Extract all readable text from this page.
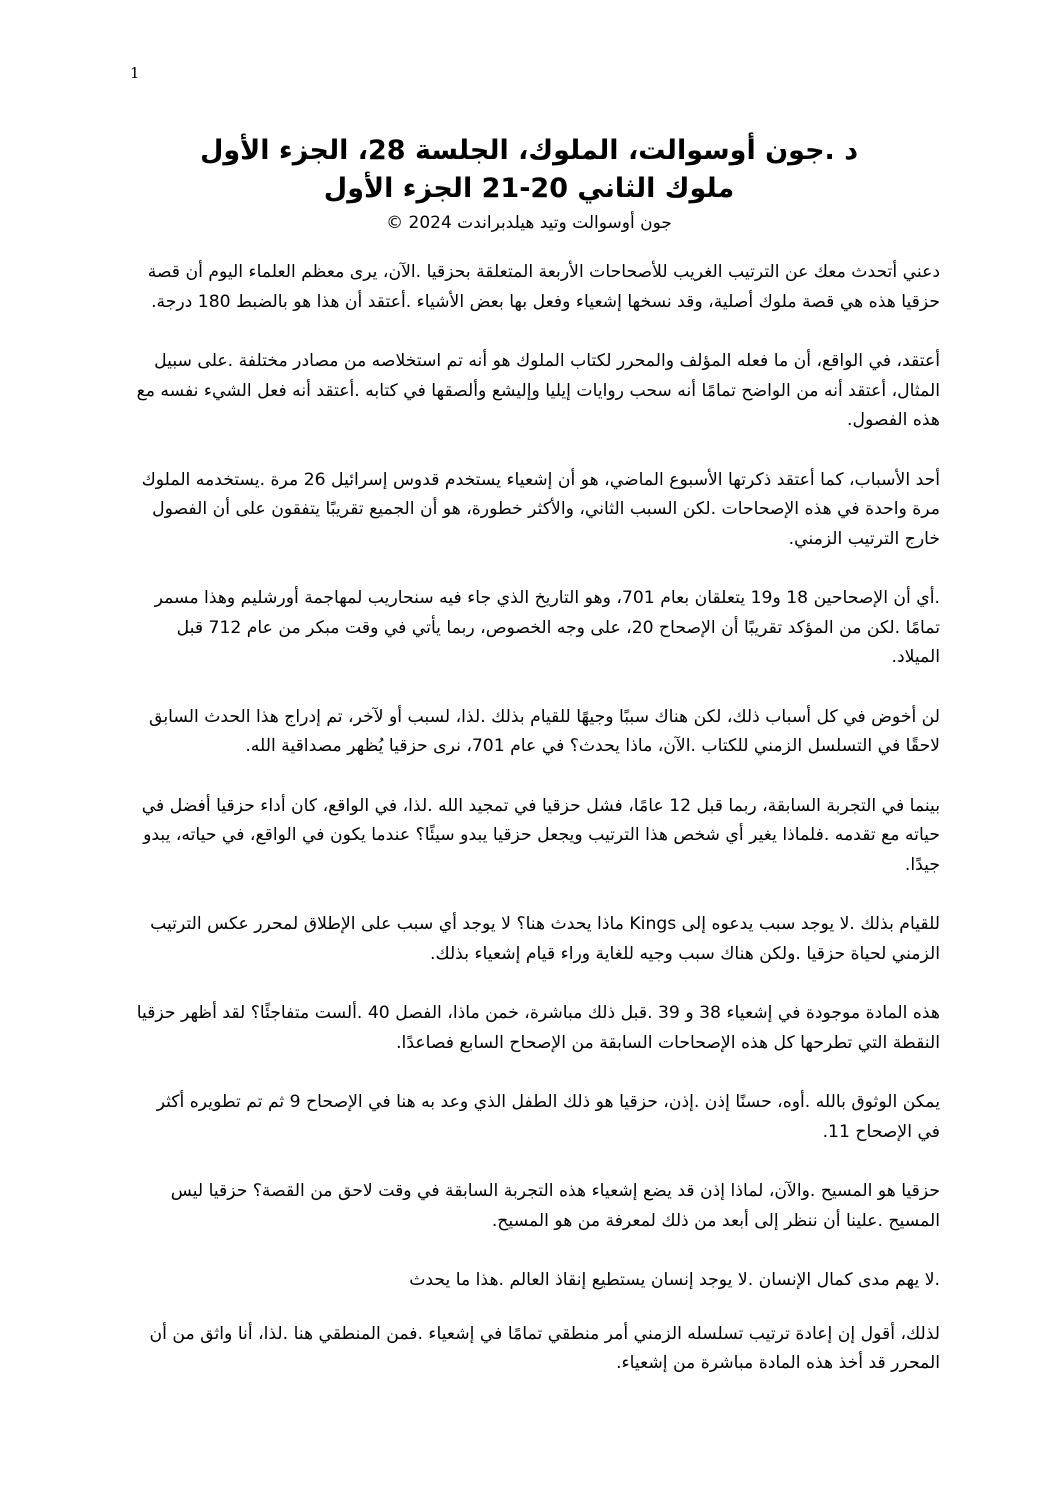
1

د .جون أوسوالت، الملوك، الجلسة 28، الجزء الأول

ملوك الثاني 20-21 الجزء الأول

جون أوسوالت وتيد هيلدبراندت 2024 ©

دعني أتحدث معك عن الترتيب الغريب للأصحاحات الأربعة المتعلقة بحزقيا .الآن، يرى معظم العلماء اليوم أن قصة حزقيا هذه هي قصة ملوك أصلية، وقد نسخها إشعياء وفعل بها بعض الأشياء .أعتقد أن هذا هو بالضبط 180 درجة.

أعتقد، في الواقع، أن ما فعله المؤلف والمحرر لكتاب الملوك هو أنه تم استخلاصه من مصادر مختلفة .على سبيل المثال، أعتقد أنه من الواضح تمامًا أنه سحب روايات إيليا وإليشع وألصقها في كتابه .أعتقد أنه فعل الشيء نفسه مع هذه الفصول.

أحد الأسباب، كما أعتقد ذكرتها الأسبوع الماضي، هو أن إشعياء يستخدم قدوس إسرائيل 26 مرة .يستخدمه الملوك مرة واحدة في هذه الإصحاحات .لكن السبب الثاني، والأكثر خطورة، هو أن الجميع تقريبًا يتفقون على أن الفصول خارج الترتيب الزمني.

.أي أن الإصحاحين 18 و19 يتعلقان بعام 701، وهو التاريخ الذي جاء فيه سنحاريب لمهاجمة أورشليم وهذا مسمر تمامًا .لكن من المؤكد تقريبًا أن الإصحاح 20، على وجه الخصوص، ربما يأتي في وقت مبكر من عام 712 قبل الميلاد.

لن أخوض في كل أسباب ذلك، لكن هناك سببًا وجيهًا للقيام بذلك .لذا، لسبب أو لآخر، تم إدراج هذا الحدث السابق لاحقًا في التسلسل الزمني للكتاب .الآن، ماذا يحدث؟ في عام 701، نرى حزقيا يُظهر مصداقية الله.

بينما في التجربة السابقة، ربما قبل 12 عامًا، فشل حزقيا في تمجيد الله .لذا، في الواقع، كان أداء حزقيا أفضل في حياته مع تقدمه .فلماذا يغير أي شخص هذا الترتيب ويجعل حزقيا يبدو سيئًا؟ عندما يكون في الواقع، في حياته، يبدو جيدًا.

للقيام بذلك .لا يوجد سبب يدعوه إلى Kings ماذا يحدث هنا؟ لا يوجد أي سبب على الإطلاق لمحرر عكس الترتيب الزمني لحياة حزقيا .ولكن هناك سبب وجيه للغاية وراء قيام إشعياء بذلك.

هذه المادة موجودة في إشعياء 38 و 39 .قبل ذلك مباشرة، خمن ماذا، الفصل 40 .ألست متفاجئًا؟ لقد أظهر حزقيا النقطة التي تطرحها كل هذه الإصحاحات السابقة من الإصحاح السابع فصاعدًا.

يمكن الوثوق بالله .أوه، حسنًا إذن .إذن، حزقيا هو ذلك الطفل الذي وعد به هنا في الإصحاح 9 ثم تم تطويره أكثر في الإصحاح 11.

حزقيا هو المسيح .والآن، لماذا إذن قد يضع إشعياء هذه التجربة السابقة في وقت لاحق من القصة؟ حزقيا ليس المسيح .علينا أن ننظر إلى أبعد من ذلك لمعرفة من هو المسيح.

.لا يهم مدى كمال الإنسان .لا يوجد إنسان يستطيع إنقاذ العالم .هذا ما يحدث

لذلك، أقول إن إعادة ترتيب تسلسله الزمني أمر منطقي تمامًا في إشعياء .فمن المنطقي هنا .لذا، أنا واثق من أن المحرر قد أخذ هذه المادة مباشرة من إشعياء.
